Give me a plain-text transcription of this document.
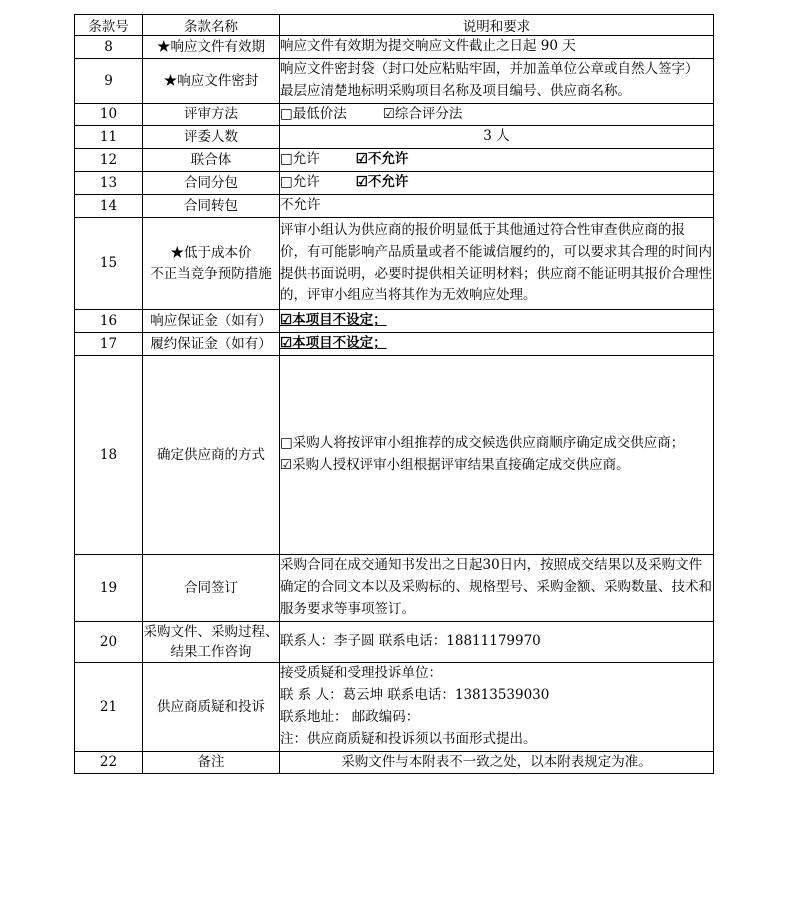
条款号	条款名称	说明和要求
8	★响应文件有效期	响应文件有效期为提交响应文件截止之日起 90 天

9	★响应文件密封	响应文件密封袋（封口处应粘贴牢固，并加盖单位公章或自然人签字）
最层应清楚地标明采购项目名称及项目编号、供应商名称。

10	评审方法	□最低价法 ☑综合评分法
11	评委人数	3 人

12	联合体	□允许 ☑不允许
13	合同分包	□允许 ☑不允许
14	合同转包	不允许

15	★低于成本价
不正当竞争预防措施	评审小组认为供应商的报价明显低于其他通过符合性审查供应商的报
价，有可能影响产品质量或者不能诚信履约的，可以要求其合理的时间内
提供书面说明，必要时提供相关证明材料；供应商不能证明其报价合理性
的，评审小组应当将其作为无效响应处理。

16	响应保证金（如有）	☑本项目不设定；
17	履约保证金（如有）	☑本项目不设定；
18	确定供应商的方式	□采购人将按评审小组推荐的成交候选供应商顺序确定成交供应商；
☑采购人授权评审小组根据评审结果直接确定成交供应商。

19	合同签订	采购合同在成交通知书发出之日起30日内，按照成交结果以及采购文件
确定的合同文本以及采购标的、规格型号、采购金额、采购数量、技术和
服务要求等事项签订。

20	采购文件、采购过程、
结果工作咨询	联系人：李子圆 联系电话：18811179970

21	供应商质疑和投诉	接受质疑和受理投诉单位：
联 系 人：葛云坤 联系电话：13813539030
联系地址： 邮政编码：
注：供应商质疑和投诉须以书面形式提出。

22	备注	采购文件与本附表不一致之处，以本附表规定为准。
